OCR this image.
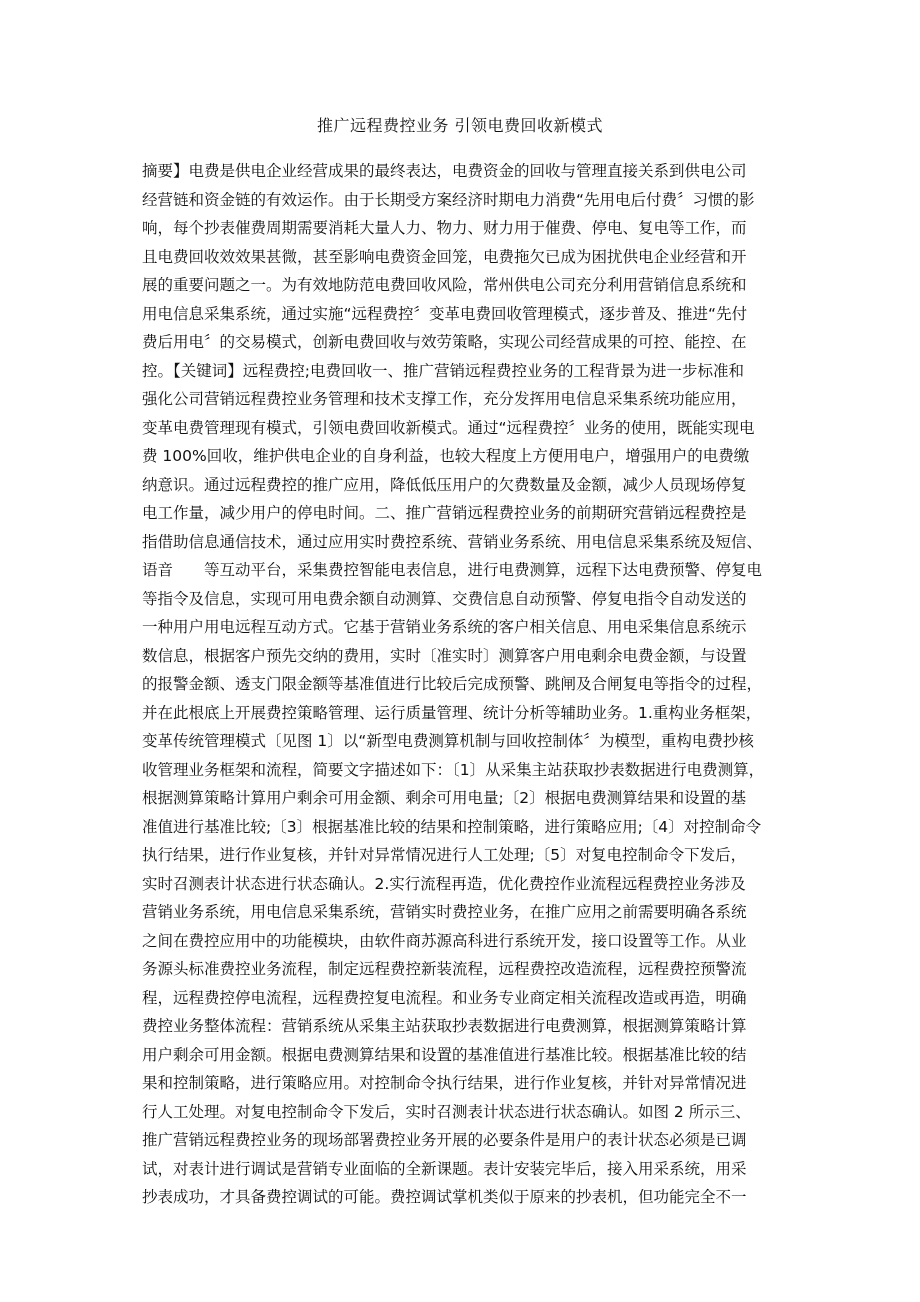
推广远程费控业务 引领电费回收新模式
摘要】电费是供电企业经营成果的最终表达，电费资金的回收与管理直接关系到供电公司
经营链和资金链的有效运作。由于长期受方案经济时期电力消费“先用电后付费〞习惯的影
响，每个抄表催费周期需要消耗大量人力、物力、财力用于催费、停电、复电等工作，而
且电费回收效效果甚微，甚至影响电费资金回笼，电费拖欠已成为困扰供电企业经营和开
展的重要问题之一。为有效地防范电费回收风险，常州供电公司充分利用营销信息系统和
用电信息采集系统，通过实施“远程费控〞变革电费回收管理模式，逐步普及、推进“先付
费后用电〞的交易模式，创新电费回收与效劳策略，实现公司经营成果的可控、能控、在
控。【关键词】远程费控;电费回收一、推广营销远程费控业务的工程背景为进一步标准和
强化公司营销远程费控业务管理和技术支撑工作，充分发挥用电信息采集系统功能应用，
变革电费管理现有模式，引领电费回收新模式。通过“远程费控〞业务的使用，既能实现电
费 100%回收，维护供电企业的自身利益，也较大程度上方便用电户，增强用户的电费缴
纳意识。通过远程费控的推广应用，降低低压用户的欠费数量及金额，减少人员现场停复
电工作量，减少用户的停电时间。二、推广营销远程费控业务的前期研究营销远程费控是
指借助信息通信技术，通过应用实时费控系统、营销业务系统、用电信息采集系统及短信、
语音　　等互动平台，采集费控智能电表信息，进行电费测算，远程下达电费预警、停复电
等指令及信息，实现可用电费余额自动测算、交费信息自动预警、停复电指令自动发送的
一种用户用电远程互动方式。它基于营销业务系统的客户相关信息、用电采集信息系统示
数信息，根据客户预先交纳的费用，实时〔准实时〕测算客户用电剩余电费金额，与设置
的报警金额、透支门限金额等基准值进行比较后完成预警、跳闸及合闸复电等指令的过程，
并在此根底上开展费控策略管理、运行质量管理、统计分析等辅助业务。1.重构业务框架，
变革传统管理模式〔见图 1〕以“新型电费测算机制与回收控制体〞为模型，重构电费抄核
收管理业务框架和流程，简要文字描述如下：〔1〕从采集主站获取抄表数据进行电费测算，
根据测算策略计算用户剩余可用金额、剩余可用电量;〔2〕根据电费测算结果和设置的基
准值进行基准比较;〔3〕根据基准比较的结果和控制策略，进行策略应用;〔4〕对控制命令
执行结果，进行作业复核，并针对异常情况进行人工处理;〔5〕对复电控制命令下发后，
实时召测表计状态进行状态确认。2.实行流程再造，优化费控作业流程远程费控业务涉及
营销业务系统，用电信息采集系统，营销实时费控业务，在推广应用之前需要明确各系统
之间在费控应用中的功能模块，由软件商苏源高科进行系统开发，接口设置等工作。从业
务源头标准费控业务流程，制定远程费控新装流程，远程费控改造流程，远程费控预警流
程，远程费控停电流程，远程费控复电流程。和业务专业商定相关流程改造或再造，明确
费控业务整体流程：营销系统从采集主站获取抄表数据进行电费测算，根据测算策略计算
用户剩余可用金额。根据电费测算结果和设置的基准值进行基准比较。根据基准比较的结
果和控制策略，进行策略应用。对控制命令执行结果，进行作业复核，并针对异常情况进
行人工处理。对复电控制命令下发后，实时召测表计状态进行状态确认。如图 2 所示三、
推广营销远程费控业务的现场部署费控业务开展的必要条件是用户的表计状态必须是已调
试，对表计进行调试是营销专业面临的全新课题。表计安装完毕后，接入用采系统，用采
抄表成功，才具备费控调试的可能。费控调试掌机类似于原来的抄表机，但功能完全不一
